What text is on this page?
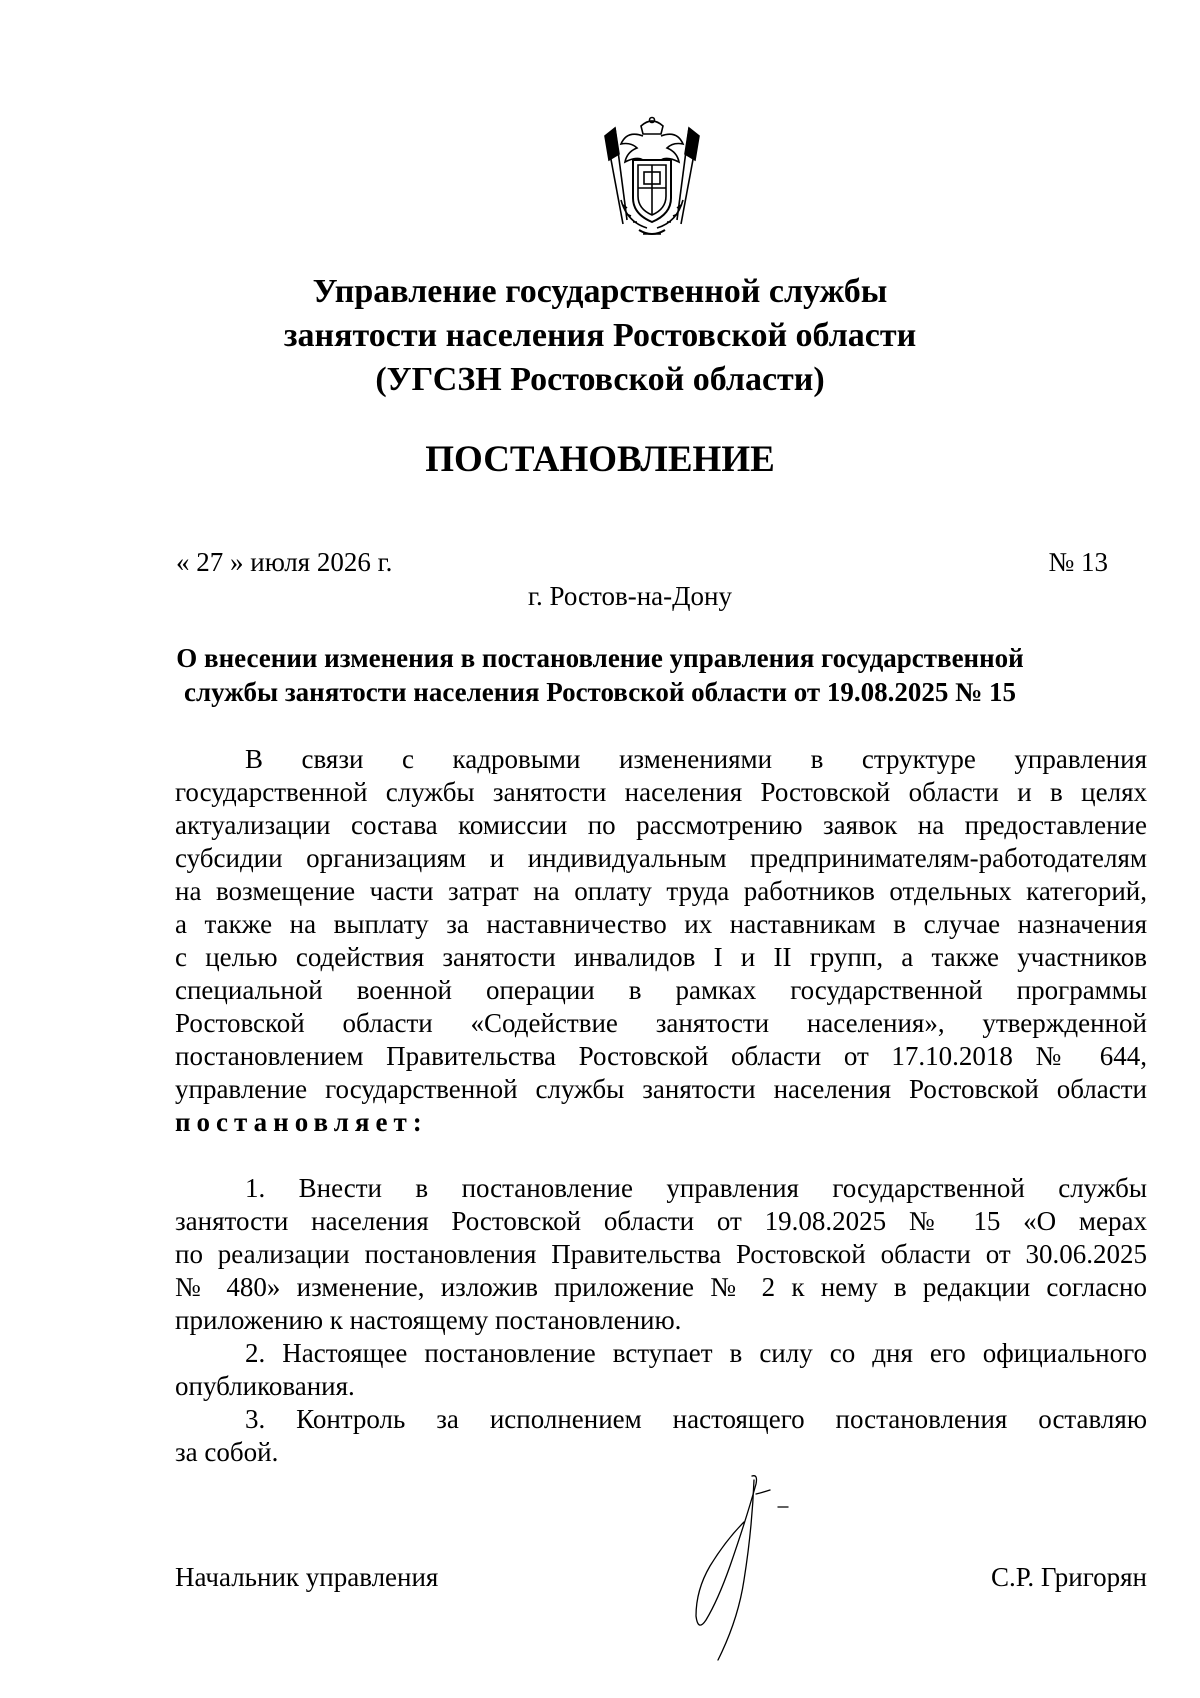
Управление государственной службы
занятости населения Ростовской области
(УГСЗН Ростовской области)
ПОСТАНОВЛЕНИЕ
« 27 » июля 2026 г.	№ 13
г. Ростов-на-Дону
О внесении изменения в постановление управления государственной
службы занятости населения Ростовской области от 19.08.2025 № 15
В связи с кадровыми изменениями в структуре управления
государственной службы занятости населения Ростовской области и в целях
актуализации состава комиссии по рассмотрению заявок на предоставление
субсидии организациям и индивидуальным предпринимателям-работодателям
на возмещение части затрат на оплату труда работников отдельных категорий,
а также на выплату за наставничество их наставникам в случае назначения
с целью содействия занятости инвалидов I и II групп, а также участников
специальной военной операции в рамках государственной программы
Ростовской области «Содействие занятости населения», утвержденной
постановлением Правительства Ростовской области от 17.10.2018 № 644,
управление государственной службы занятости населения Ростовской области
постановляет:
1. Внести в постановление управления государственной службы
занятости населения Ростовской области от 19.08.2025 № 15 «О мерах
по реализации постановления Правительства Ростовской области от 30.06.2025
№ 480» изменение, изложив приложение № 2 к нему в редакции согласно
приложению к настоящему постановлению.
2. Настоящее постановление вступает в силу со дня его официального
опубликования.
3. Контроль за исполнением настоящего постановления оставляю
за собой.
Начальник управления	С.Р. Григорян
